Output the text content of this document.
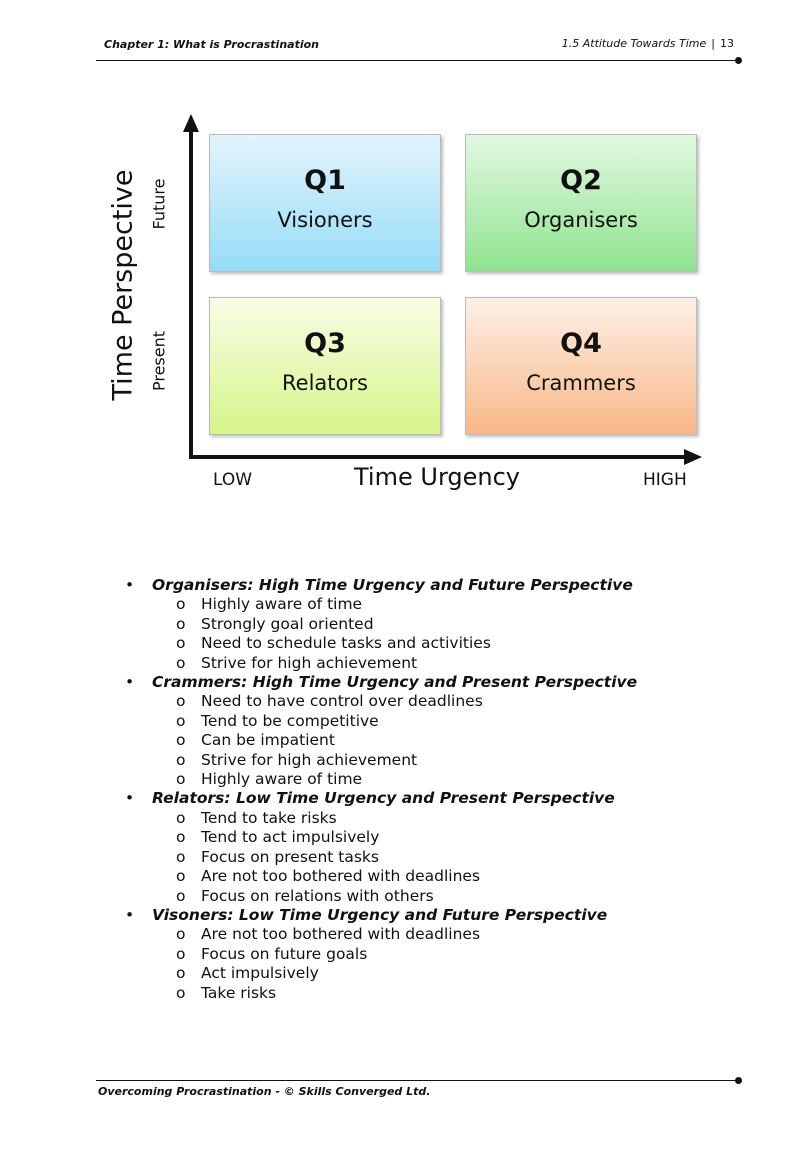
Chapter 1: What is Procrastination	1.5 Attitude Towards Time | 13
Time Perspective Future
Present
Q1
Visioners
Q2
Organisers
Q3
Relators
Q4
Crammers
LOW	Time Urgency	HIGH
• Organisers: High Time Urgency and Future Perspective
o Highly aware of time
o Strongly goal oriented
o Need to schedule tasks and activities
o Strive for high achievement
• Crammers: High Time Urgency and Present Perspective
o Need to have control over deadlines
o Tend to be competitive
o Can be impatient
o Strive for high achievement
o Highly aware of time
• Relators: Low Time Urgency and Present Perspective
o Tend to take risks
o Tend to act impulsively
o Focus on present tasks
o Are not too bothered with deadlines
o Focus on relations with others
• Visoners: Low Time Urgency and Future Perspective
o Are not too bothered with deadlines
o Focus on future goals
o Act impulsively
o Take risks
Overcoming Procrastination - © Skills Converged Ltd.
